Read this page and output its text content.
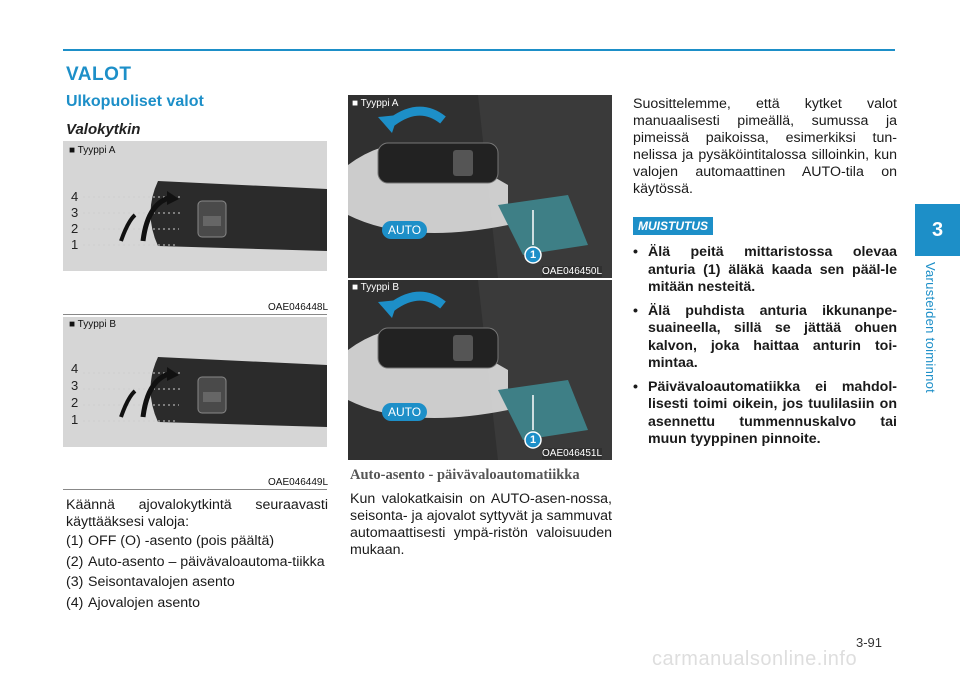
VALOT
Ulkopuoliset valot
Valokytkin
■ Tyyppi A
4
3
2
1
OAE046448L
■ Tyyppi B
4
3
2
1
OAE046449L
Käännä ajovalokytkintä seuraavasti käyttääksesi valoja:
(1) OFF (O) -asento (pois päältä)
(2) Auto-asento – päivävaloautoma-tiikka
(3) Seisontavalojen asento
(4) Ajovalojen asento
■ Tyyppi A
AUTO
1
OAE046450L
■ Tyyppi B
AUTO
1
OAE046451L
Auto-asento - päivävaloautomatiikka
Kun valokatkaisin on AUTO-asen-nossa, seisonta- ja ajovalot syttyvät ja sammuvat automaattisesti ympä-ristön valoisuuden mukaan.
Suosittelemme, että kytket valot manuaalisesti pimeällä, sumussa ja pimeissä paikoissa, esimerkiksi tun-nelissa ja pysäköintitalossa silloinkin, kun valojen automaattinen AUTO-tila on käytössä.
MUISTUTUS
• Älä peitä mittaristossa olevaa anturia (1) äläkä kaada sen pääl-le mitään nesteitä.
• Älä puhdista anturia ikkunanpe-suaineella, sillä se jättää ohuen kalvon, joka haittaa anturin toi-mintaa.
• Päivävaloautomatiikka ei mahdol-lisesti toimi oikein, jos tuulilasiin on asennettu tummennuskalvo tai muun tyyppinen pinnoite.
3
Varusteiden toiminnot
3-91
carmanualsonline.info
